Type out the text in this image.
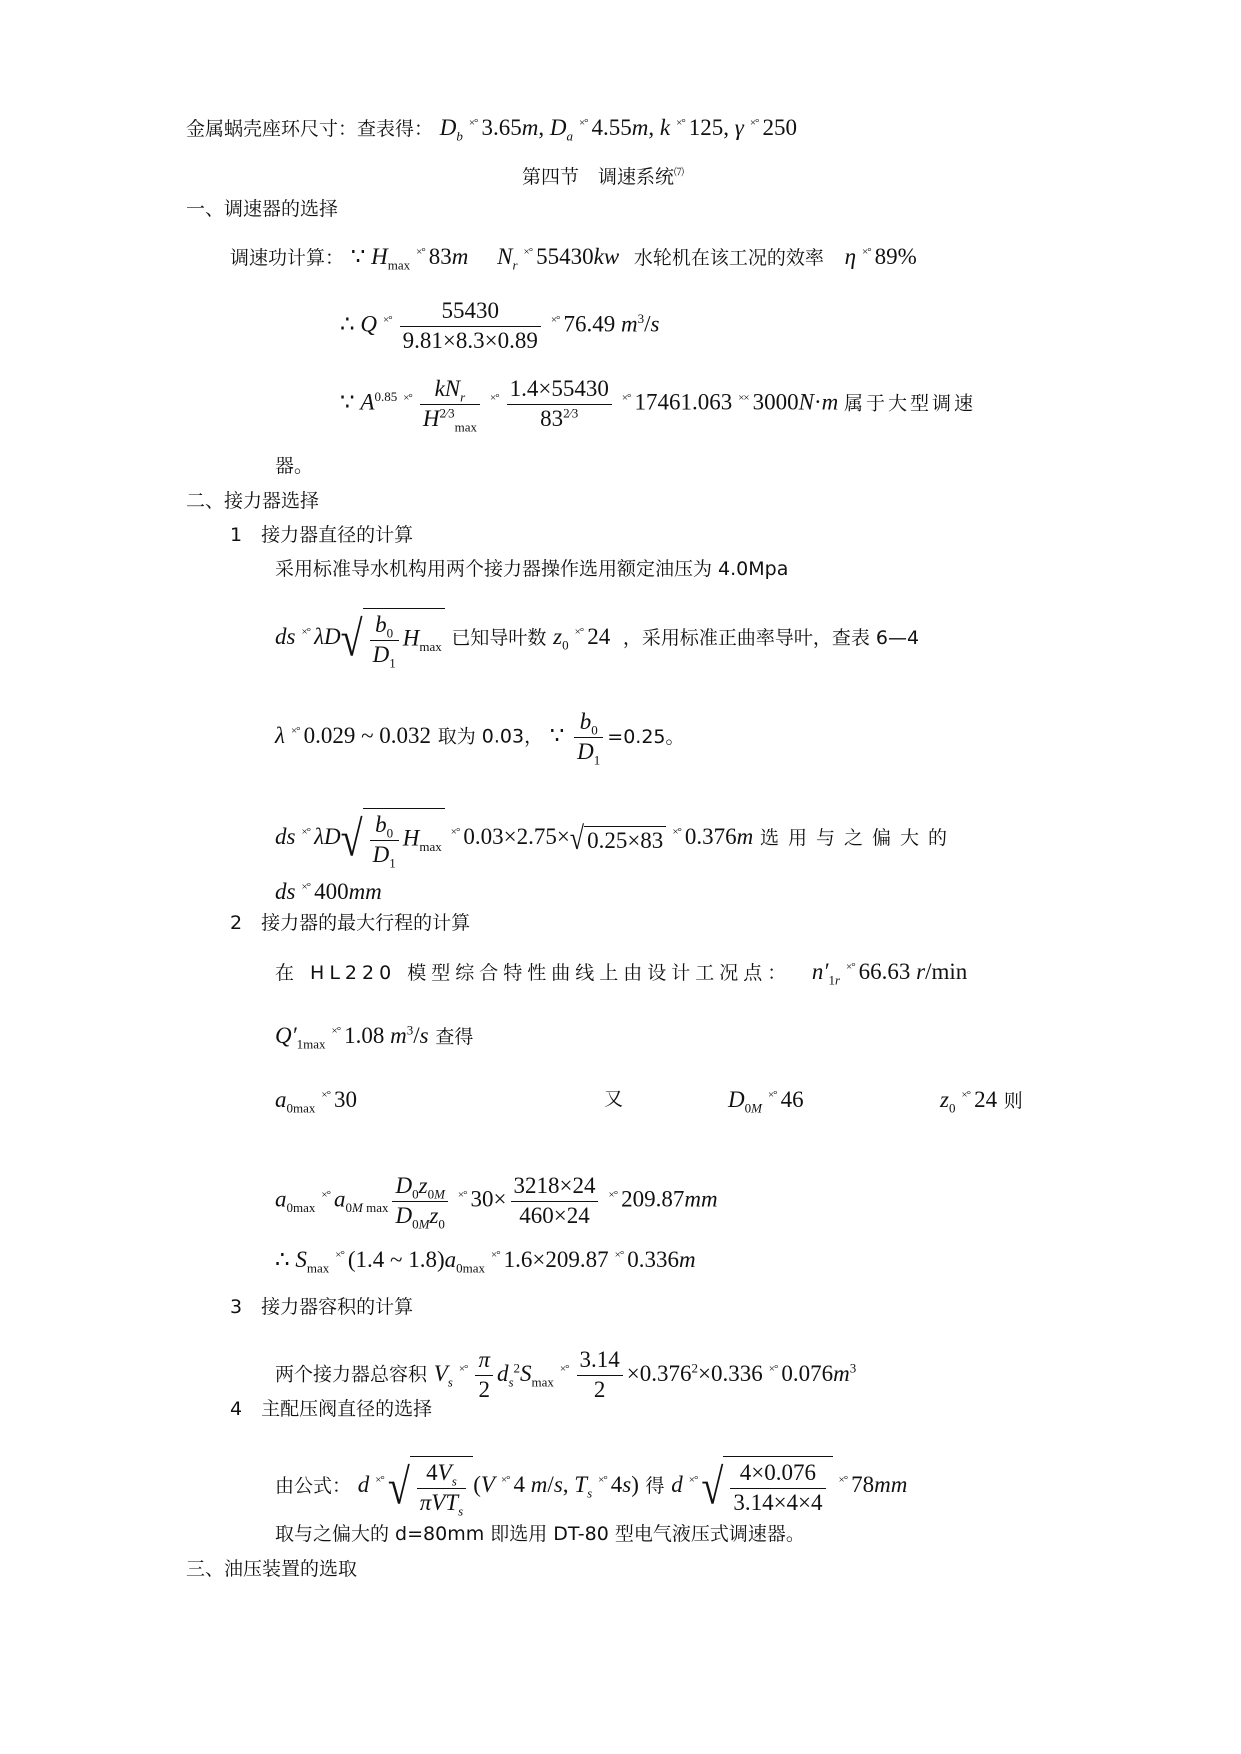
金属蜗壳座环尺寸：查表得： $D_b^{\times^\circ}$ 3.65m, $D_a^{\times^\circ}$ 4.55m, k ×° 125, γ ×° 250
第四节　调速系统⑺
一、调速器的选择
调速功计算： ∵ $H_{max}^{\times^\circ}$ 83m $N_r^{\times^\circ}$ 55430kw 水轮机在该工况的效率 η ×° 89%
∴ Q $^{\times^\circ} \frac{55430}{9.81\times 8.3\times 0.89} ^{\times^\circ}$ 76.49 $m^3/s$
∵ $A^{0.85}$ $^{\times^\circ} \frac{kN_r}{H^{2⁄3}_{max}} ^{\times^\circ} \frac{1.4\times 55430}{83^{2⁄3}} ^{\times^\circ}$ 17461.063 ×× 3000N·m 属于大型调速
器。
二、接力器选择
1　接力器直径的计算
采用标准导水机构用两个接力器操作选用额定油压为 4.0Mpa
ds ×° $\lambda D√ \frac{b_0}{D_1} H_{max}$ 已知导叶数 $z_0^{\times^\circ}$ 24 ，采用标准正曲率导叶，查表 6—4
λ ×° 0.029 ~ 0.032 取为 0.03， ∵ $\frac{b_0}{D_1} =0.25$。
ds ×° $\lambda D√ \frac{b_0}{D_1} H_{max}^{\times^\circ}$ 0.03×2.75×√ 0.25×83 ×° 0.376m 选用与之偏大的
ds ×° 400mm
2　接力器的最大行程的计算
在 HL220 模型综合特性曲线上由设计工况点： $n'_{1r}^{\times^\circ}$ 66.63 r/min
$Q'_{1max}^{\times^\circ}$ 1.08 $m^3/s$ 查得
$a_{0max}^{\times^\circ}$ 30	又	$D_{0M}^{\times^\circ}$ 46	$z_0^{\times^\circ}$ 24 则
$a_{0max}^{\times^\circ}$ $a_{0M max} \frac{D_0z_{0M}}{D_{0M}z_0} ^{\times^\circ}$ $30\times \frac{3218\times 24}{460\times 24} ^{\times^\circ}$ 209.87mm
∴ $S_{max}^{\times^\circ}$ (1.4 ~ $1.8)a_{0max}^{\times^\circ}$ 1.6×209.87 ×° 0.336m
3　接力器容积的计算
两个接力器总容积 $V_s^{\times^\circ} \frac{\pi}{2} d_s^2S_{max}^{\times^\circ} \frac{3.14}{2} \times 0.376^2\times 0.336$ ×° $0.076m^3$
4　主配压阀直径的选择
由公式： d ×° √ $\frac{4V_s}{\pi VT_s} (V$ ×° 4 m/s, $T_s^{\times^\circ}$ 4s) 得 d ×° √ $\frac{4\times 0.076}{3.14\times 4\times 4} ^{\times^\circ}$ 78mm
取与之偏大的 d=80mm 即选用 DT-80 型电气液压式调速器。
三、油压装置的选取
